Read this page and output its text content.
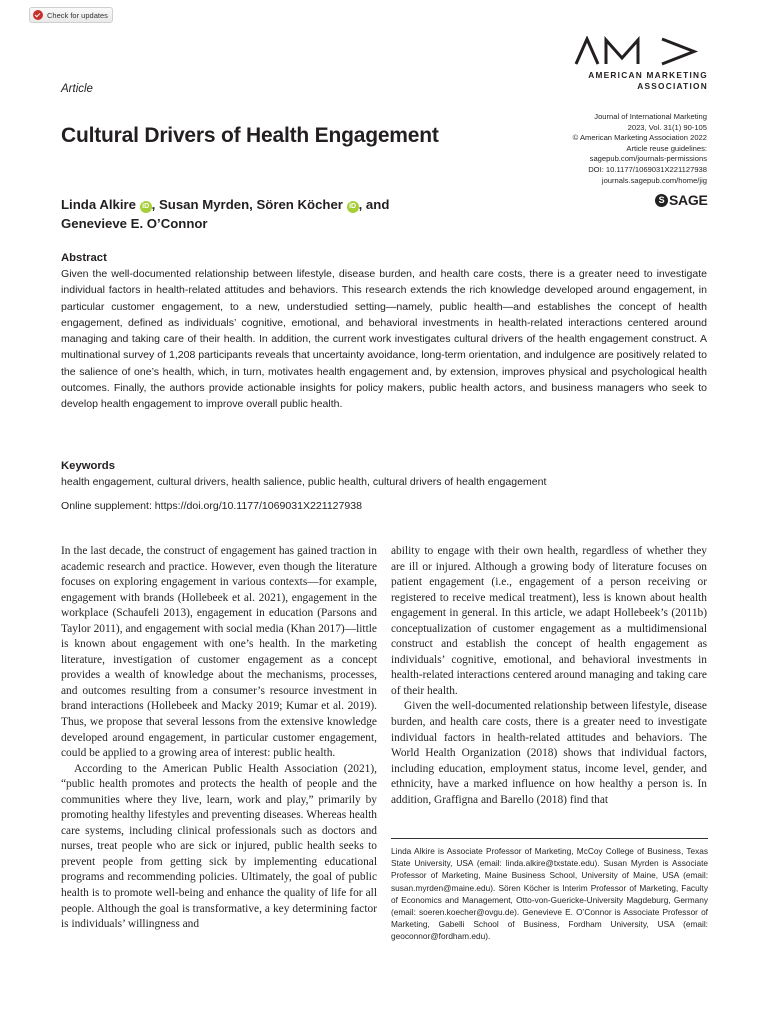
Check for updates
Article
AMERICAN MARKETING ASSOCIATION
Journal of International Marketing
2023, Vol. 31(1) 90-105
© American Marketing Association 2022
Article reuse guidelines:
sagepub.com/journals-permissions
DOI: 10.1177/1069031X221127938
journals.sagepub.com/home/jig
S SAGE
Cultural Drivers of Health Engagement
Linda Alkire iD , Susan Myrden, Sören Köcher iD , and
Genevieve E. O’Connor
Abstract
Given the well-documented relationship between lifestyle, disease burden, and health care costs, there is a greater need to investigate individual factors in health-related attitudes and behaviors. This research extends the rich knowledge developed around engagement, in particular customer engagement, to a new, understudied setting—namely, public health—and establishes the concept of health engagement, defined as individuals’ cognitive, emotional, and behavioral investments in health-related interactions centered around managing and taking care of their health. In addition, the current work investigates cultural drivers of the health engagement construct. A multinational survey of 1,208 participants reveals that uncertainty avoidance, long-term orientation, and indulgence are positively related to the salience of one’s health, which, in turn, motivates health engagement and, by extension, improves physical and psychological health outcomes. Finally, the authors provide actionable insights for policy makers, public health actors, and business managers who seek to develop health engagement to improve overall public health.
Keywords
health engagement, cultural drivers, health salience, public health, cultural drivers of health engagement
Online supplement: https://doi.org/10.1177/1069031X221127938

In the last decade, the construct of engagement has gained traction in academic research and practice. However, even though the literature focuses on exploring engagement in various contexts—for example, engagement with brands (Hollebeek et al. 2021), engagement in the workplace (Schaufeli 2013), engagement in education (Parsons and Taylor 2011), and engagement with social media (Khan 2017)—little is known about engagement with one’s health. In the marketing literature, investigation of customer engagement as a concept provides a wealth of knowledge about the mechanisms, processes, and outcomes resulting from a consumer’s resource investment in brand interactions (Hollebeek and Macky 2019; Kumar et al. 2019). Thus, we propose that several lessons from the extensive knowledge developed around engagement, in particular customer engagement, could be applied to a growing area of interest: public health.

According to the American Public Health Association (2021), “public health promotes and protects the health of people and the communities where they live, learn, work and play,” primarily by promoting healthy lifestyles and preventing diseases. Whereas health care systems, including clinical professionals such as doctors and nurses, treat people who are sick or injured, public health seeks to prevent people from getting sick by implementing educational programs and recommending policies. Ultimately, the goal of public health is to promote well-being and enhance the quality of life for all people. Although the goal is transformative, a key determining factor is individuals’ willingness and

ability to engage with their own health, regardless of whether they are ill or injured. Although a growing body of literature focuses on patient engagement (i.e., engagement of a person receiving or registered to receive medical treatment), less is known about health engagement in general. In this article, we adapt Hollebeek’s (2011b) conceptualization of customer engagement as a multidimensional construct and establish the concept of health engagement as individuals’ cognitive, emotional, and behavioral investments in health-related interactions centered around managing and taking care of their health.

Given the well-documented relationship between lifestyle, disease burden, and health care costs, there is a greater need to investigate individual factors in health-related attitudes and behaviors. The World Health Organization (2018) shows that individual factors, including education, employment status, income level, gender, and ethnicity, have a marked influence on how healthy a person is. In addition, Graffigna and Barello (2018) find that

Linda Alkire is Associate Professor of Marketing, McCoy College of Business, Texas State University, USA (email: linda.alkire@txstate.edu). Susan Myrden is Associate Professor of Marketing, Maine Business School, University of Maine, USA (email: susan.myrden@maine.edu). Sören Köcher is Interim Professor of Marketing, Faculty of Economics and Management, Otto-von-Guericke-University Magdeburg, Germany (email: soeren.koecher@ovgu.de). Genevieve E. O’Connor is Associate Professor of Marketing, Gabelli School of Business, Fordham University, USA (email: geoconnor@fordham.edu).
